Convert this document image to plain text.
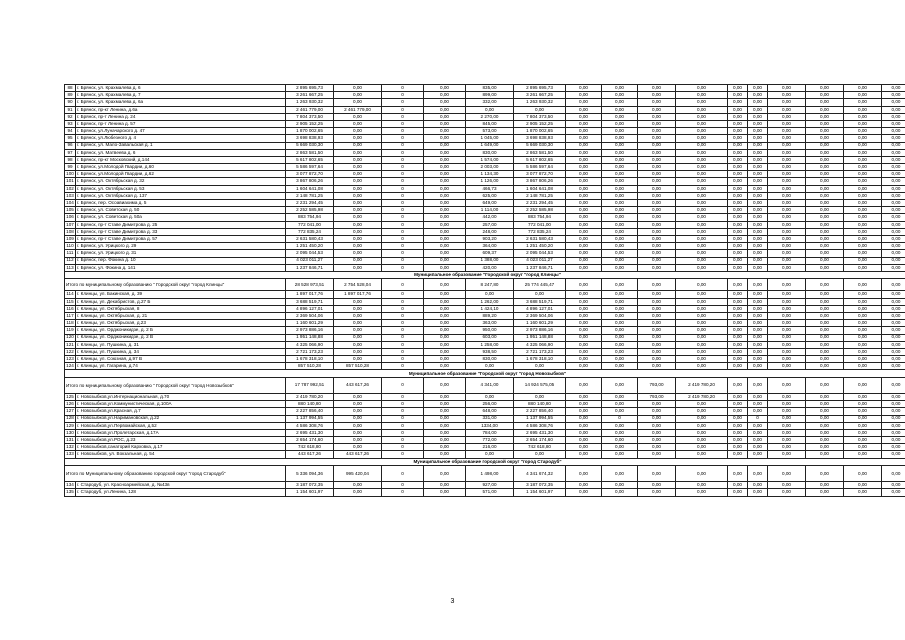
88	г. Брянск, ул. Крахмалева д. 6	2 895 695,73	0,00	0	0,00	835,00	2 895 695,73	0,00	0,00	0,00	0,00	0,00	0,00	0,00	0,00	0,00	0,00
89	г. Брянск, ул. Крахмалева д. 7	3 261 667,25	0,00	0	0,00	899,00	3 261 667,25	0,00	0,00	0,00	0,00	0,00	0,00	0,00	0,00	0,00	0,00
90	г. Брянск, ул. Крахмалева д. 6а	1 263 930,32	0,00	0	0,00	332,00	1 263 930,32	0,00	0,00	0,00	0,00	0,00	0,00	0,00	0,00	0,00	0,00
91	г. Брянск, пр-кт Ленина, д.6а	2 461 779,00	2 461 779,00	0	0,00	0,00	0,00	0,00	0,00	0,00	0,00	0,00	0,00	0,00	0,00	0,00	0,00
92	г. Брянск, пр-т Ленина д. 24	7 804 373,50	0,00	0	0,00	2 270,00	7 804 373,50	0,00	0,00	0,00	0,00	0,00	0,00	0,00	0,00	0,00	0,00
93	г. Брянск, пр-т Ленина д. 57	2 905 152,25	0,00	0	0,00	845,00	2 905 152,25	0,00	0,00	0,00	0,00	0,00	0,00	0,00	0,00	0,00	0,00
94	г. Брянск, ул.Луначарского д. 47	1 870 002,65	0,00	0	0,00	573,00	1 870 002,65	0,00	0,00	0,00	0,00	0,00	0,00	0,00	0,00	0,00	0,00
95	г. Брянск, ул.Любезного д. 4	3 698 838,93	0,00	0	0,00	1 045,00	3 698 838,93	0,00	0,00	0,00	0,00	0,00	0,00	0,00	0,00	0,00	0,00
96	г. Брянск, ул. Мало-Завальская д. 1	5 669 030,30	0,00	0	0,00	1 649,00	5 669 030,30	0,00	0,00	0,00	0,00	0,00	0,00	0,00	0,00	0,00	0,00
97	г. Брянск, ул. Матвеева д. 6	2 863 581,50	0,00	0	0,00	830,00	2 863 581,50	0,00	0,00	0,00	0,00	0,00	0,00	0,00	0,00	0,00	0,00
98	г. Брянск, пр-кт Московский, д.144	5 617 802,65	0,00	0	0,00	1 574,00	5 617 802,65	0,00	0,00	0,00	0,00	0,00	0,00	0,00	0,00	0,00	0,00
99	г. Брянск, ул.Молодой Гвардии, д.60	5 586 597,64	0,00	0	0,00	2 003,00	5 586 597,64	0,00	0,00	0,00	0,00	0,00	0,00	0,00	0,00	0,00	0,00
100	г. Брянск, ул.Молодой Гвардии, д.62	3 077 872,70	0,00	0	0,00	1 134,30	3 077 872,70	0,00	0,00	0,00	0,00	0,00	0,00	0,00	0,00	0,00	0,00
101	г. Брянск, ул. Октябрьская д. 32	3 867 806,26	0,00	0	0,00	1 126,00	3 867 806,26	0,00	0,00	0,00	0,00	0,00	0,00	0,00	0,00	0,00	0,00
102	г. Брянск, ул. Октябрьская д. 53	1 604 641,08	0,00	0	0,00	466,73	1 604 641,08	0,00	0,00	0,00	0,00	0,00	0,00	0,00	0,00	0,00	0,00
103	г. Брянск, ул. Октябрьская д. 137	2 148 781,25	0,00	0	0,00	625,00	2 148 781,25	0,00	0,00	0,00	0,00	0,00	0,00	0,00	0,00	0,00	0,00
104	г. Брянск, пер. Осоавиахима д. 5	2 231 294,45	0,00	0	0,00	649,00	2 231 294,45	0,00	0,00	0,00	0,00	0,00	0,00	0,00	0,00	0,00	0,00
105	г. Брянск, ул. Советская д. 50	2 252 585,98	0,00	0	0,00	1 114,00	2 252 585,98	0,00	0,00	0,00	0,00	0,00	0,00	0,00	0,00	0,00	0,00
106	г. Брянск, ул. Советская д. 50а	883 754,94	0,00	0	0,00	442,00	883 754,94	0,00	0,00	0,00	0,00	0,00	0,00	0,00	0,00	0,00	0,00
107	г. Брянск, пр-т Ставе Димитрова д. 25	772 041,00	0,00	0	0,00	257,00	772 041,00	0,00	0,00	0,00	0,00	0,00	0,00	0,00	0,00	0,00	0,00
108	г. Брянск, пр-т Ставе Димитрова д. 33	772 835,24	0,00	0	0,00	248,00	772 835,24	0,00	0,00	0,00	0,00	0,00	0,00	0,00	0,00	0,00	0,00
109	г. Брянск, пр-т Ставе Димитрова д. 57	2 631 580,43	0,00	0	0,00	903,20	2 631 580,43	0,00	0,00	0,00	0,00	0,00	0,00	0,00	0,00	0,00	0,00
110	г. Брянск, ул. Урицкого д. 29	1 251 450,20	0,00	0	0,00	364,00	1 251 450,20	0,00	0,00	0,00	0,00	0,00	0,00	0,00	0,00	0,00	0,00
111	г. Брянск, ул. Урицкого д. 31	2 095 044,53	0,00	0	0,00	609,37	2 095 044,53	0,00	0,00	0,00	0,00	0,00	0,00	0,00	0,00	0,00	0,00
112	г. Брянск, пер. Фокина д. 10	4 023 011,27	0,00	0	0,00	1 388,00	4 023 011,27	0,00	0,00	0,00	0,00	0,00	0,00	0,00	0,00	0,00	0,00
113	г. Брянск, ул. Фокина д. 141	1 237 846,71	0,00	0	0,00	420,00	1 237 846,71	0,00	0,00	0,00	0,00	0,00	0,00	0,00	0,00	0,00	0,00
Муниципальное образование "Городской округ "город Клинцы"																	
Итого по муниципальному образованию " Городской округ "город Клинцы"		28 528 973,51	2 754 528,04	0	0,00	8 247,80	25 774 445,47	0,00	0,00	0,00	0,00	0,00	0,00	0,00	0,00	0,00	0,00
114	г. Клинцы, ул. Бакинская, д. 39	1 897 017,76	1 897 017,76	0	0,00	0,00	0,00	0,00	0,00	0,00	0,00	0,00	0,00	0,00	0,00	0,00	0,00
115	г. Клинцы, ул. Декабристов, д.27 Б	3 688 519,71	0,00	0	0,00	1 262,00	3 688 519,71	0,00	0,00	0,00	0,00	0,00	0,00	0,00	0,00	0,00	0,00
116	г. Клинцы, ул. Октябрьская, 8	4 896 127,01	0,00	0	0,00	1 424,10	4 896 127,01	0,00	0,00	0,00	0,00	0,00	0,00	0,00	0,00	0,00	0,00
117	г. Клинцы, ул. Октябрьская, д. 21	2 369 504,06	0,00	0	0,00	889,20	2 369 504,06	0,00	0,00	0,00	0,00	0,00	0,00	0,00	0,00	0,00	0,00
118	г. Клинцы, ул. Октябрьская, д.23	1 160 601,29	0,00	0	0,00	363,00	1 160 601,29	0,00	0,00	0,00	0,00	0,00	0,00	0,00	0,00	0,00	0,00
119	г. Клинцы, ул. Орджоникидзе, д. 2 Б	2 973 886,16	0,00	0	0,00	950,00	2 973 886,16	0,00	0,00	0,00	0,00	0,00	0,00	0,00	0,00	0,00	0,00
120	г. Клинцы, ул. Орджоникидзе, д. 2 В	1 951 148,88	0,00	0	0,00	603,00	1 951 148,88	0,00	0,00	0,00	0,00	0,00	0,00	0,00	0,00	0,00	0,00
121	г. Клинцы, ул. Пушкина, д. 31	4 325 066,90	0,00	0	0,00	1 258,00	4 325 066,90	0,00	0,00	0,00	0,00	0,00	0,00	0,00	0,00	0,00	0,00
122	г. Клинцы, ул. Пушкина, д. 34	2 721 173,23	0,00	0	0,00	938,50	2 721 173,23	0,00	0,00	0,00	0,00	0,00	0,00	0,00	0,00	0,00	0,00
123	г. Клинцы, ул. Союзная, д.97 В	1 678 318,10	0,00	0	0,00	830,00	1 678 318,10	0,00	0,00	0,00	0,00	0,00	0,00	0,00	0,00	0,00	0,00
124	г. Клинцы, ул. Гагарина, д.74	857 510,28	857 510,28	0	0,00	0,00	0,00	0,00	0,00	0,00	0,00	0,00	0,00	0,00	0,00	0,00	0,00
Муниципальное образование "Городской округ "город Новозыбков"																	
Итого по муниципальному образованию " Городской округ "город Новозыбков"		17 787 992,51	443 617,26	0	0,00	4 341,00	14 924 575,05	0,00	0,00	793,00	2 419 780,20	0,00	0,00	0,00	0,00	0,00	0,00
125	г. Новозыбков,ул.Интернациональная, д.70	2 419 780,20	0,00	0	0,00	0,00	0,00	0,00	0,00	793,00	2 419 780,20	0,00	0,00	0,00	0,00	0,00	0,00
126	г. Новозыбков,ул.Коммунистическая, д.100А	880 140,80	0,00	0	0,00	256,00	880 140,80	0,00	0,00	0,00	0,00	0,00	0,00	0,00	0,00	0,00	0,00
127	г. Новозыбков,ул.Красная, д.7	2 227 856,40	0,00	0	0,00	648,00	2 227 856,40	0,00	0,00	0,00	0,00	0,00	0,00	0,00	0,00	0,00	0,00
128	г. Новозыбков,ул.Наримановская, д.22	1 137 994,55	0,00	0	0,00	331,00	1 137 994,55	0,00	0	0,00	0,00	0,00	0	0,00	0,00	0,00	0,00
129	г. Новозыбков,ул.Первомайская, д.52	4 586 308,76	0,00	0	0,00	1334,00	4 586 308,76	0,00	0,00	0,00	0,00	0,00	0,00	0,00	0,00	0,00	0,00
130	г. Новозыбков,ул.Пролетарская, д.17А	2 695 431,30	0,00	0	0,00	784,00	2 695 431,30	0,00	0,00	0,00	0,00	0,00	0,00	0,00	0,00	0,00	0,00
131	г. Новозыбков,ул.РОС, д.23	2 654 174,60	0,00	0	0,00	772,00	2 654 174,60	0,00	0,00	0,00	0,00	0,00	0,00	0,00	0,00	0,00	0,00
132	г. Новозыбков,санаторий Карховка, д.17	742 618,80	0,00	0	0,00	216,00	742 618,80	0,00	0,00	0,00	0,00	0,00	0,00	0,00	0,00	0,00	0,00
133	г. Новозыбков, ул. Вокзальная, д. 54	443 617,26	443 617,26	0	0,00	0,00	0,00	0,00	0,00	0,00	0,00	0,00	0,00	0,00	0,00	0,00	0,00
Муниципальное образование городской округ "город Стародуб"																	
Итого по Муниципальному образованию городской округ "город Стародуб"		5 336 094,36	995 420,04	0	0,00	1 498,00	4 341 674,32	0,00	0,00	0,00	0,00	0,00	0,00	0,00	0,00	0,00	0,00
134	г. Стародуб, ул. Красноармейская, д. №43в	3 187 072,35	0,00	0	0,00	927,00	3 187 072,35	0,00	0,00	0,00	0,00	0,00	0,00	0,00	0,00	0,00	0,00
135	г. Стародуб, ул.Ленина, 128	1 154 601,97	0,00	0	0,00	571,00	1 154 601,97	0,00	0,00	0,00	0,00	0,00	0,00	0,00	0,00	0,00	0,00
3
